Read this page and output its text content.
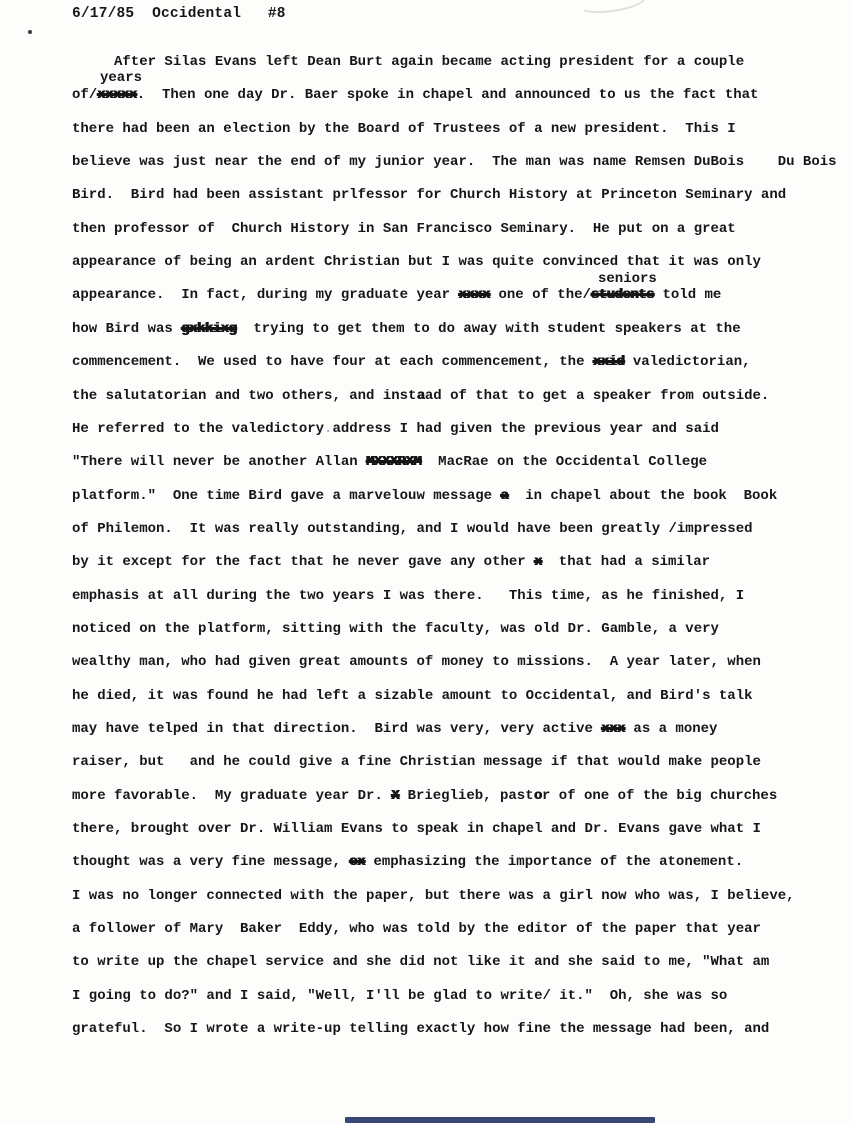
6/17/85  Occidental   #8
After Silas Evans left Dean Burt again became acting president for a couple
of/xxxxx.  Then one day Dr. Baer spoke in chapel and announced to us the fact that
there had been an election by the Board of Trustees of a new president.  This I
believe was just near the end of my junior year.  The man was name Remsen DuBois    Du Bois
Bird.  Bird had been assistant prlfessor for Church History at Princeton Seminary and
then professor of  Church History in San Francisco Seminary.  He put on a great
appearance of being an ardent Christian but I was quite convinced that it was only
appearance.  In fact, during my graduate year xxxx one of the/students told me
how Bird was gxkkixg  trying to get them to do away with student speakers at the
commencement.  We used to have four at each commencement, the xxid valedictorian,
the salutatorian and two others, and instaad of that to get a speaker from outside.
He referred to the valedictory.address I had given the previous year and said
"There will never be another Allan MXXXRXM  MacRae on the Occidental College
platform."  One time Bird gave a marvelouw message a  in chapel about the book  Book
of Philemon.  It was really outstanding, and I would have been greatly /impressed
by it except for the fact that he never gave any other x  that had a similar
emphasis at all during the two years I was there.   This time, as he finished, I
noticed on the platform, sitting with the faculty, was old Dr. Gamble, a very
wealthy man, who had given great amounts of money to missions.  A year later, when
he died, it was found he had left a sizable amount to Occidental, and Bird's talk
may have telped in that direction.  Bird was very, very active xxx as a money
raiser, but   and he could give a fine Christian message if that would make people
more favorable.  My graduate year Dr. X Brieglieb, pastor of one of the big churches
there, brought over Dr. William Evans to speak in chapel and Dr. Evans gave what I
thought was a very fine message, ex emphasizing the importance of the atonement.
I was no longer connected with the paper, but there was a girl now who was, I believe,
a follower of Mary  Baker  Eddy, who was told by the editor of the paper that year
to write up the chapel service and she did not like it and she said to me, "What am
I going to do?" and I said, "Well, I'll be glad to write/ it."  Oh, she was so
grateful.  So I wrote a write-up telling exactly how fine the message had been, and
years
seniors
